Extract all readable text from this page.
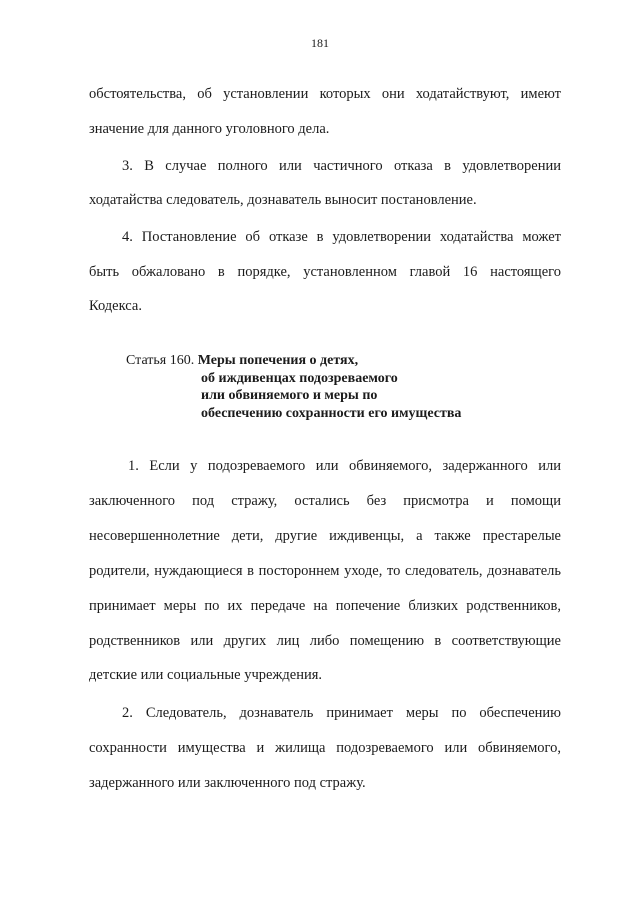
181
обстоятельства, об установлении которых они ходатайствуют, имеют
значение для данного уголовного дела.
3. В случае полного или частичного отказа в удовлетворении
ходатайства следователь, дознаватель выносит постановление.
4. Постановление об отказе в удовлетворении ходатайства может
быть обжаловано в порядке, установленном главой 16 настоящего
Кодекса.
Статья 160. Меры попечения о детях,
об иждивенцах подозреваемого
или обвиняемого и меры по
обеспечению сохранности его имущества
1. Если у подозреваемого или обвиняемого, задержанного или
заключенного под стражу, остались без присмотра и помощи
несовершеннолетние дети, другие иждивенцы, а также престарелые
родители, нуждающиеся в постороннем уходе, то следователь, дознаватель
принимает меры по их передаче на попечение близких родственников,
родственников или других лиц либо помещению в соответствующие
детские или социальные учреждения.
2. Следователь, дознаватель принимает меры по обеспечению
сохранности имущества и жилища подозреваемого или обвиняемого,
задержанного или заключенного под стражу.
